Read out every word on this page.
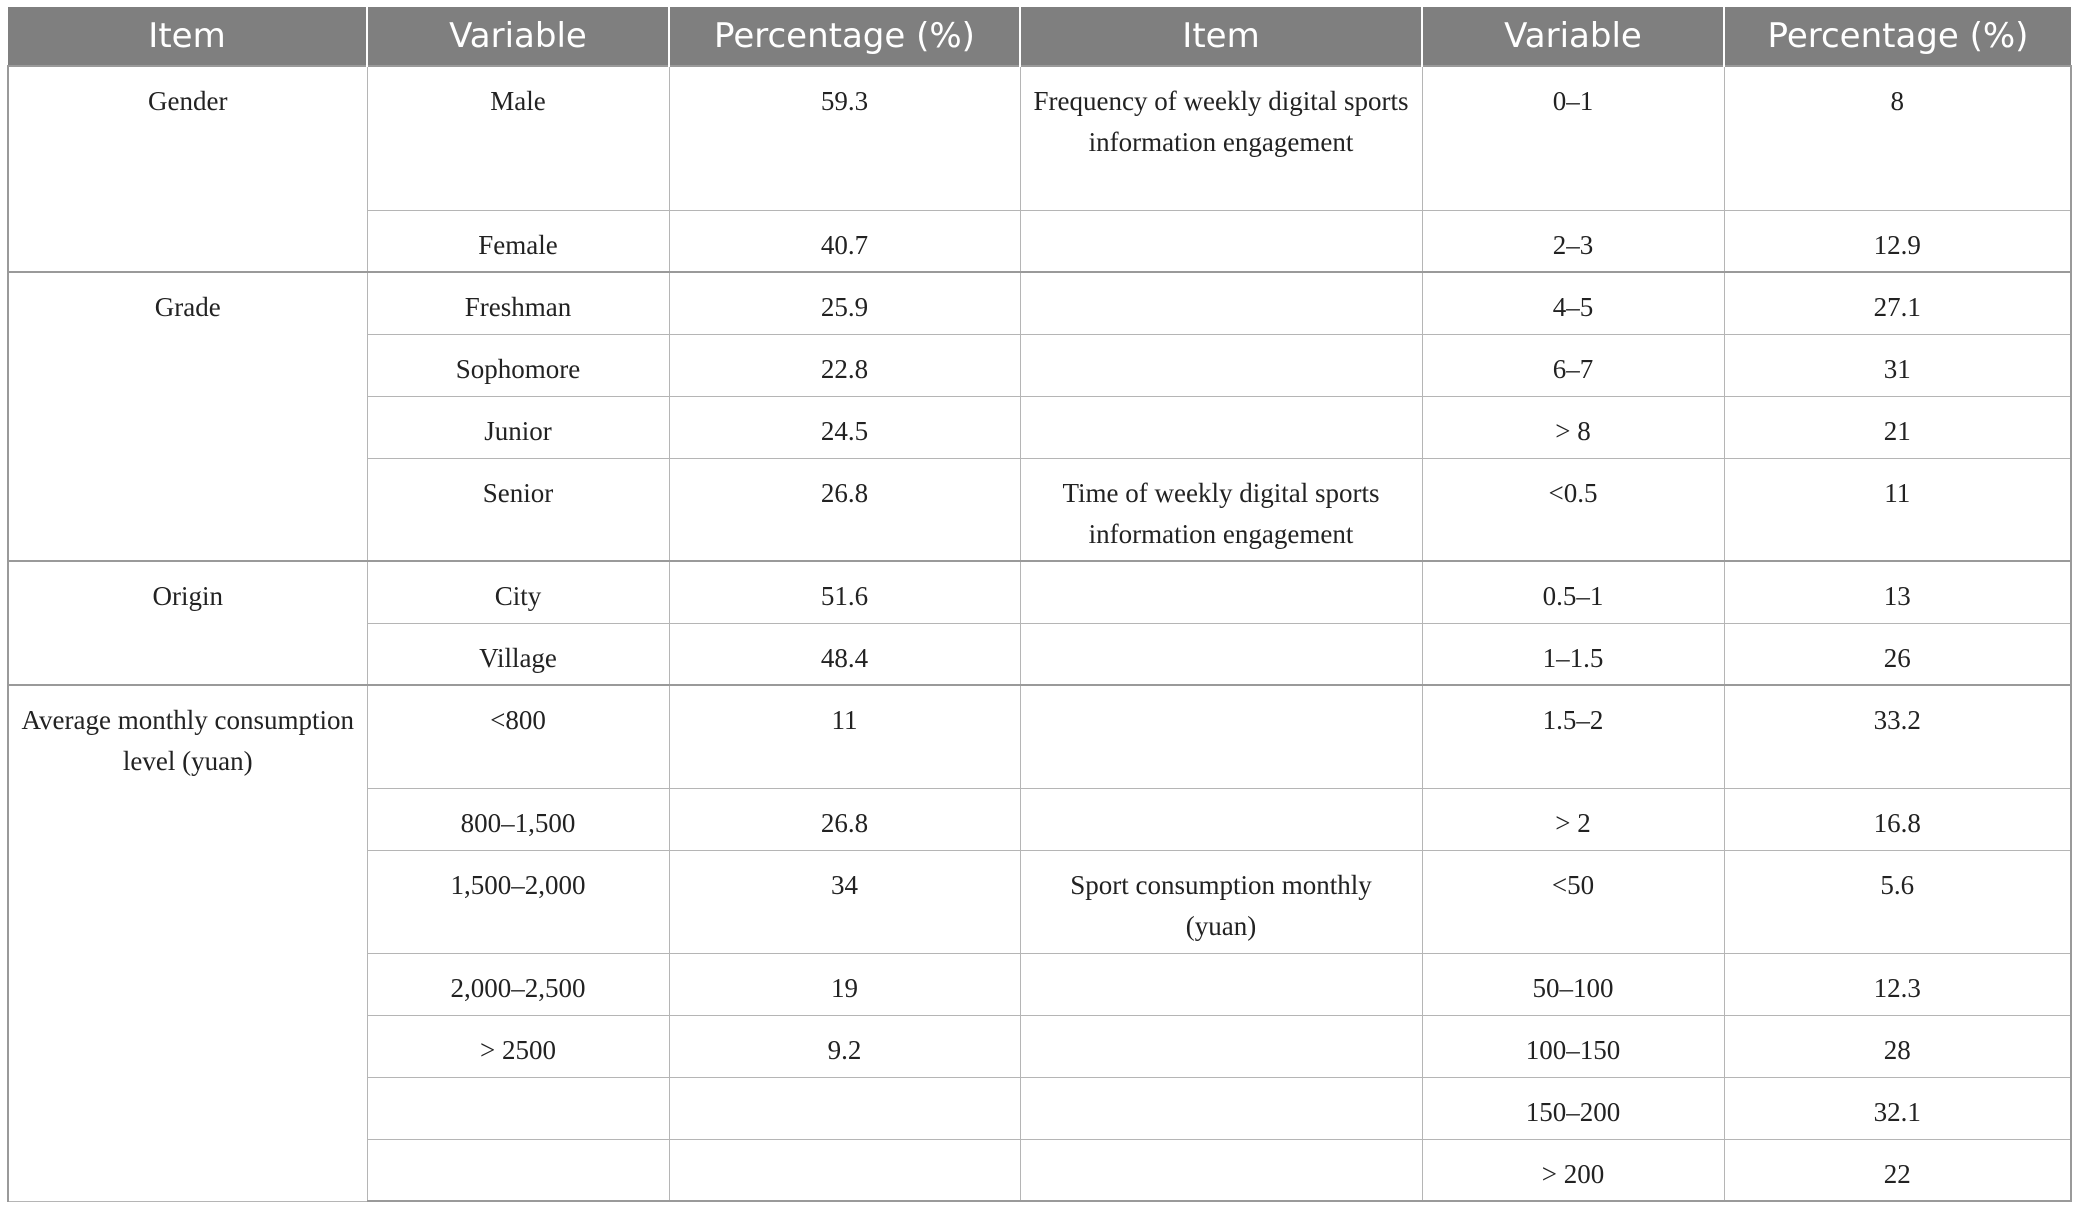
Item	Variable	Percentage (%)	Item	Variable	Percentage (%)
Gender	Male	59.3	Frequency of weekly digital sports information engagement	0–1	8
	Female	40.7		2–3	12.9
Grade	Freshman	25.9		4–5	27.1
	Sophomore	22.8		6–7	31
	Junior	24.5		> 8	21
	Senior	26.8	Time of weekly digital sports information engagement	<0.5	11
Origin	City	51.6		0.5–1	13
	Village	48.4		1–1.5	26
Average monthly consumption level (yuan)	<800	11		1.5–2	33.2
	800–1,500	26.8		> 2	16.8
	1,500–2,000	34	Sport consumption monthly (yuan)	<50	5.6
	2,000–2,500	19		50–100	12.3
	> 2500	9.2		100–150	28
				150–200	32.1
				> 200	22
